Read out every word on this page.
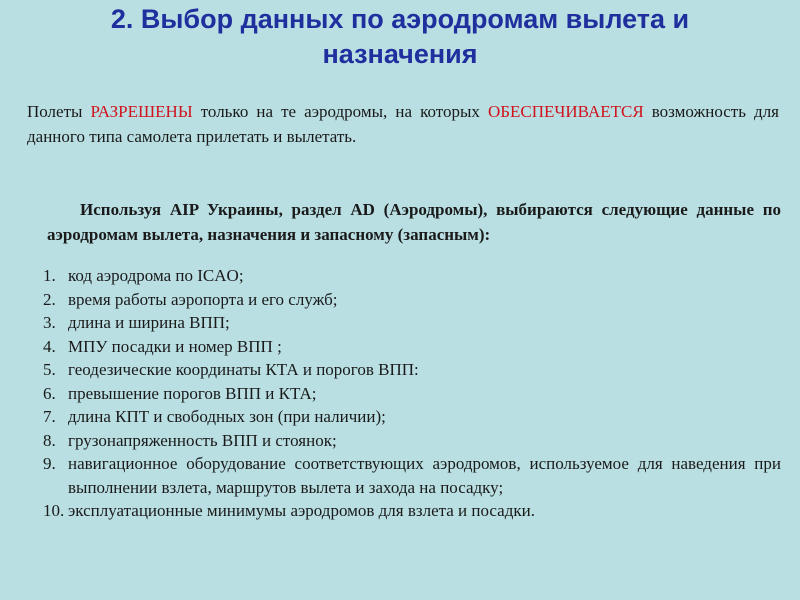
2. Выбор данных по аэродромам вылета и
назначения

Полеты РАЗРЕШЕНЫ только на те аэродромы, на которых ОБЕСПЕЧИВАЕТСЯ возможность для данного типа самолета прилетать и вылетать.

Используя AIP Украины, раздел AD (Аэродромы), выбираются следующие данные по аэродромам вылета, назначения и запасному (запасным):

1. код аэродрома по ICAO;
2. время работы аэропорта и его служб;
3. длина и ширина ВПП;
4. МПУ посадки и номер ВПП ;
5. геодезические координаты КТА и порогов ВПП:
6. превышение порогов ВПП и КТА;
7. длина КПТ и свободных зон (при наличии);
8. грузонапряженность ВПП и стоянок;
9. навигационное оборудование соответствующих аэродромов, используемое для наведения при выполнении взлета, маршрутов вылета и захода на посадку;
10. эксплуатационные минимумы аэродромов для взлета и посадки.
